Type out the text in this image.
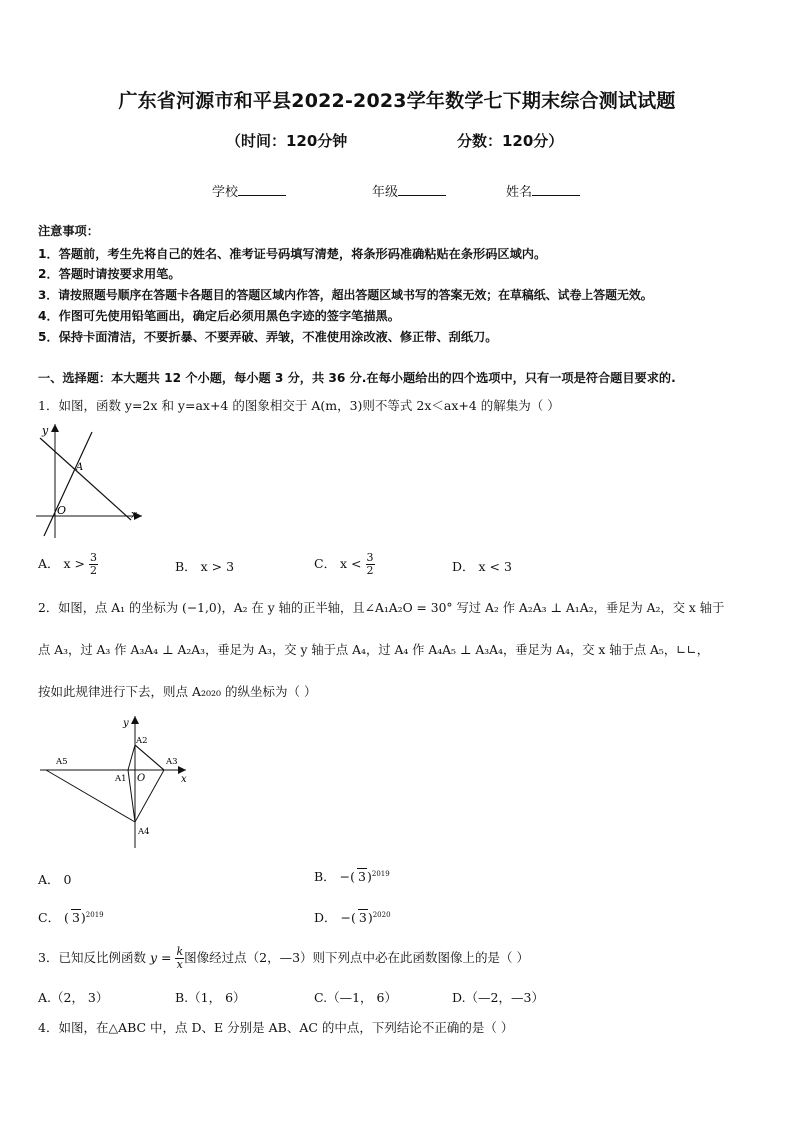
广东省河源市和平县2022-2023学年数学七下期末综合测试试题
（时间：120分钟	分数：120分）
学校	年级	姓名
注意事项：
1．答题前，考生先将自己的姓名、准考证号码填写清楚，将条形码准确粘贴在条形码区域内。
2．答题时请按要求用笔。
3．请按照题号顺序在答题卡各题目的答题区域内作答，超出答题区域书写的答案无效；在草稿纸、试卷上答题无效。
4．作图可先使用铅笔画出，确定后必须用黑色字迹的签字笔描黑。
5．保持卡面清洁，不要折暴、不要弄破、弄皱，不准使用涂改液、修正带、刮纸刀。
一、选择题：本大题共 12 个小题，每小题 3 分，共 36 分.在每小题给出的四个选项中，只有一项是符合题目要求的.
1．如图，函数 y=2x 和 y=ax+4 的图象相交于 A(m，3)则不等式 2x＜ax+4 的解集为（ ）
y
x
O
A
A． $x > \frac{3}{2}$	B． x > 3	C． $x < \frac{3}{2}$	D． x < 3
2．如图，点 A₁ 的坐标为 (−1,0)，A₂ 在 y 轴的正半轴，且∠A₁A₂O = 30° 写过 A₂ 作 A₂A₃ ⊥ A₁A₂，垂足为 A₂，交 x 轴于
点 A₃，过 A₃ 作 A₃A₄ ⊥ A₂A₃，垂足为 A₃，交 y 轴于点 A₄，过 A₄ 作 A₄A₅ ⊥ A₃A₄，垂足为 A₄，交 x 轴于点 A₅，∟∟，
按如此规律进行下去，则点 A₂₀₂₀ 的纵坐标为（ ）
y
x
O
A1
A2
A3
A4
A5
A． 0	B． −( 3)$^{2019}$
C． ( 3)$^{2019}$	D． −( 3)$^{2020}$
3．已知反比例函数 $y = \frac{k}{x}$ 图像经过点（2，—3）则下列点中必在此函数图像上的是（ ）
A.（2， 3）	B.（1， 6）	C.（—1， 6）	D.（—2，—3）
4．如图，在△ABC 中，点 D、E 分别是 AB、AC 的中点，下列结论不正确的是（ ）
